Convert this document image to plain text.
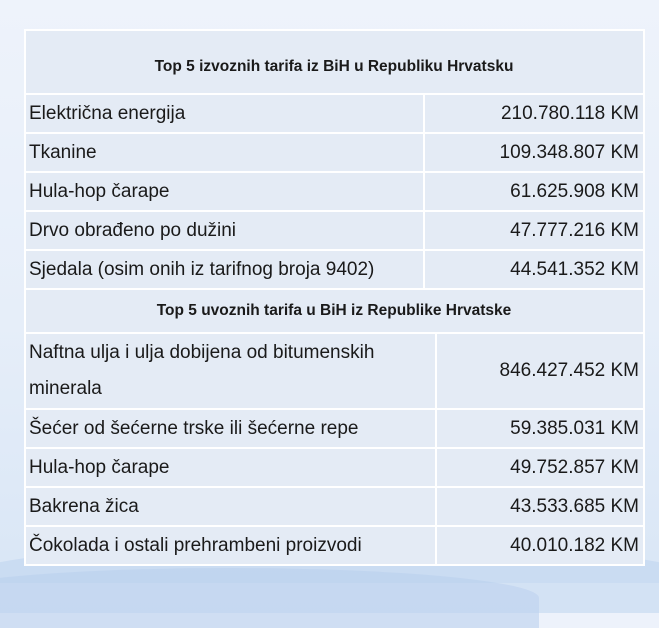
Top 5 izvoznih tarifa iz BiH u Republiku Hrvatsku	
Električna energija	210.780.118 KM
Tkanine	109.348.807 KM
Hula-hop čarape	61.625.908 KM
Drvo obrađeno po dužini	47.777.216 KM
Sjedala (osim onih iz tarifnog broja 9402)	44.541.352 KM
Top 5 uvoznih tarifa u BiH iz Republike Hrvatske	
Naftna ulja i ulja dobijena od bitumenskih minerala	846.427.452 KM
Šećer od šećerne trske ili šećerne repe	59.385.031 KM
Hula-hop čarape	49.752.857 KM
Bakrena žica	43.533.685 KM
Čokolada i ostali prehrambeni proizvodi	40.010.182 KM
